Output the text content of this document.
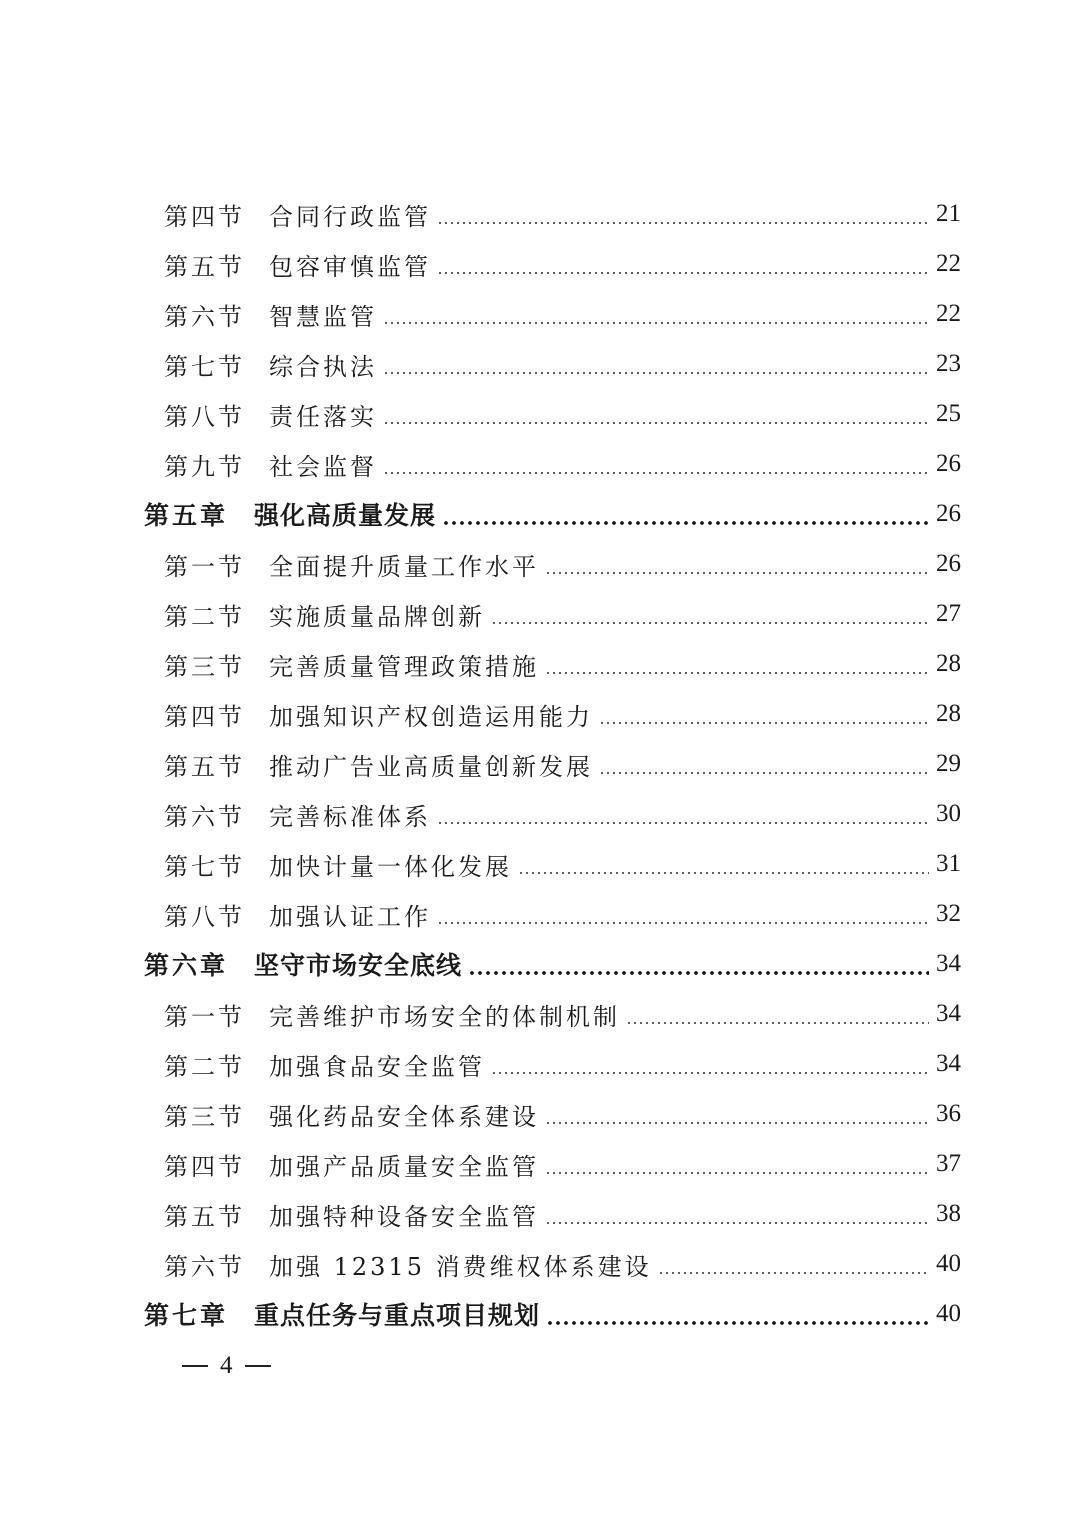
第四节 合同行政监管	21
第五节 包容审慎监管	22
第六节 智慧监管	22
第七节 综合执法	23
第八节 责任落实	25
第九节 社会监督	26
第五章 强化高质量发展	26
第一节 全面提升质量工作水平	26
第二节 实施质量品牌创新	27
第三节 完善质量管理政策措施	28
第四节 加强知识产权创造运用能力	28
第五节 推动广告业高质量创新发展	29
第六节 完善标准体系	30
第七节 加快计量一体化发展	31
第八节 加强认证工作	32
第六章 坚守市场安全底线	34
第一节 完善维护市场安全的体制机制	34
第二节 加强食品安全监管	34
第三节 强化药品安全体系建设	36
第四节 加强产品质量安全监管	37
第五节 加强特种设备安全监管	38
第六节 加强 12315 消费维权体系建设	40
第七章 重点任务与重点项目规划	40
4
